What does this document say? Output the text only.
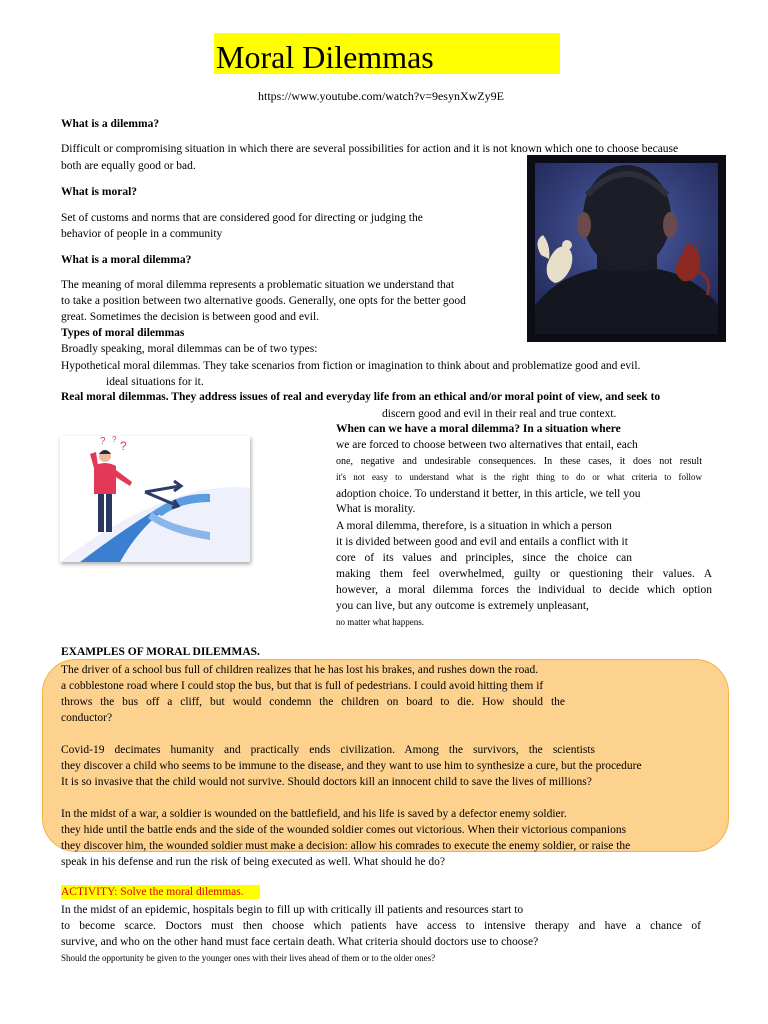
Moral Dilemmas
https://www.youtube.com/watch?v=9esynXwZy9E
What is a dilemma?
Difficult or compromising situation in which there are several possibilities for action and it is not known which one to choose because
both are equally good or bad.
What is moral?
Set of customs and norms that are considered good for directing or judging the
behavior of people in a community
What is a moral dilemma?
The meaning of moral dilemma represents a problematic situation we understand that
to take a position between two alternative goods. Generally, one opts for the better good
great. Sometimes the decision is between good and evil.
Types of moral dilemmas
Broadly speaking, moral dilemmas can be of two types:
Hypothetical moral dilemmas. They take scenarios from fiction or imagination to think about and problematize good and evil.
ideal situations for it.
Real moral dilemmas. They address issues of real and everyday life from an ethical and/or moral point of view, and seek to
discern good and evil in their real and true context.
? ?
?
When can we have a moral dilemma? In a situation where
we are forced to choose between two alternatives that entail, each
one, negative and undesirable consequences. In these cases, it does not result
it's not easy to understand what is the right thing to do or what criteria to follow
adoption choice. To understand it better, in this article, we tell you
What is morality.
A moral dilemma, therefore, is a situation in which a person
it is divided between good and evil and entails a conflict with it
core of its values and principles, since the choice can
making them feel overwhelmed, guilty or questioning their values. A
however, a moral dilemma forces the individual to decide which option
you can live, but any outcome is extremely unpleasant,
no matter what happens.
EXAMPLES OF MORAL DILEMMAS.
The driver of a school bus full of children realizes that he has lost his brakes, and rushes down the road.
a cobblestone road where I could stop the bus, but that is full of pedestrians. I could avoid hitting them if
throws the bus off a cliff, but would condemn the children on board to die. How should the
conductor?
Covid-19 decimates humanity and practically ends civilization. Among the survivors, the scientists
they discover a child who seems to be immune to the disease, and they want to use him to synthesize a cure, but the procedure
It is so invasive that the child would not survive. Should doctors kill an innocent child to save the lives of millions?
In the midst of a war, a soldier is wounded on the battlefield, and his life is saved by a defector enemy soldier.
they hide until the battle ends and the side of the wounded soldier comes out victorious. When their victorious companions
they discover him, the wounded soldier must make a decision: allow his comrades to execute the enemy soldier, or raise the
speak in his defense and run the risk of being executed as well. What should he do?
ACTIVITY: Solve the moral dilemmas.
In the midst of an epidemic, hospitals begin to fill up with critically ill patients and resources start to
to become scarce. Doctors must then choose which patients have access to intensive therapy and have a chance of
survive, and who on the other hand must face certain death. What criteria should doctors use to choose?
Should the opportunity be given to the younger ones with their lives ahead of them or to the older ones?
